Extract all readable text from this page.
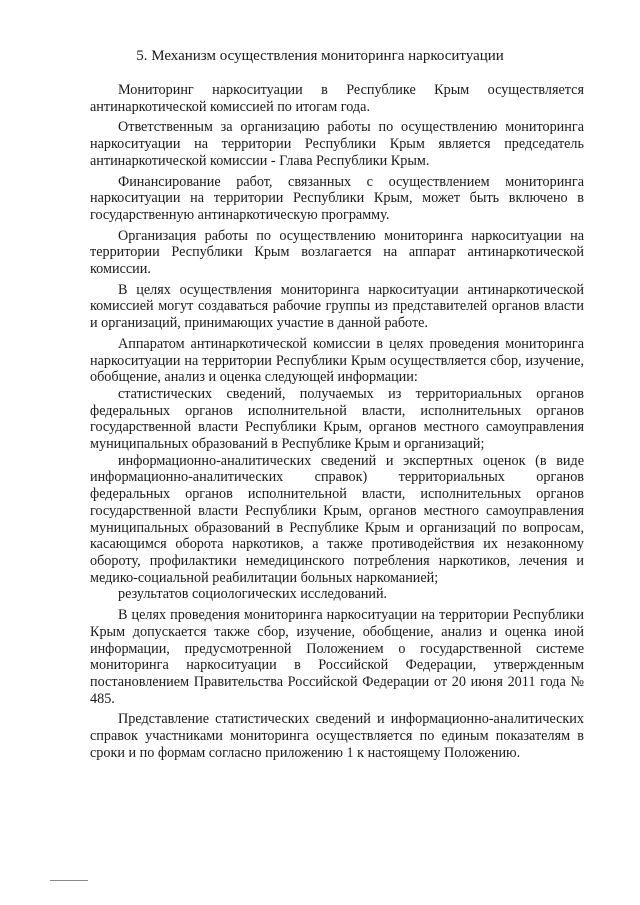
5. Механизм осуществления мониторинга наркоситуации

Мониторинг наркоситуации в Республике Крым осуществляется антинаркотической комиссией по итогам года.

Ответственным за организацию работы по осуществлению мониторинга наркоситуации на территории Республики Крым является председатель антинаркотической комиссии - Глава Республики Крым.

Финансирование работ, связанных с осуществлением мониторинга наркоситуации на территории Республики Крым, может быть включено в государственную антинаркотическую программу.

Организация работы по осуществлению мониторинга наркоситуации на территории Республики Крым возлагается на аппарат антинаркотической комиссии.

В целях осуществления мониторинга наркоситуации антинаркотической комиссией могут создаваться рабочие группы из представителей органов власти и организаций, принимающих участие в данной работе.

Аппаратом антинаркотической комиссии в целях проведения мониторинга наркоситуации на территории Республики Крым осуществляется сбор, изучение, обобщение, анализ и оценка следующей информации:

статистических сведений, получаемых из территориальных органов федеральных органов исполнительной власти, исполнительных органов государственной власти Республики Крым, органов местного самоуправления муниципальных образований в Республике Крым и организаций;

информационно-аналитических сведений и экспертных оценок (в виде информационно-аналитических справок) территориальных органов федеральных органов исполнительной власти, исполнительных органов государственной власти Республики Крым, органов местного самоуправления муниципальных образований в Республике Крым и организаций по вопросам, касающимся оборота наркотиков, а также противодействия их незаконному обороту, профилактики немедицинского потребления наркотиков, лечения и медико-социальной реабилитации больных наркоманией;

результатов социологических исследований.

В целях проведения мониторинга наркоситуации на территории Республики Крым допускается также сбор, изучение, обобщение, анализ и оценка иной информации, предусмотренной Положением о государственной системе мониторинга наркоситуации в Российской Федерации, утвержденным постановлением Правительства Российской Федерации от 20 июня 2011 года № 485.

Представление статистических сведений и информационно-аналитических справок участниками мониторинга осуществляется по единым показателям в сроки и по формам согласно приложению 1 к настоящему Положению.
